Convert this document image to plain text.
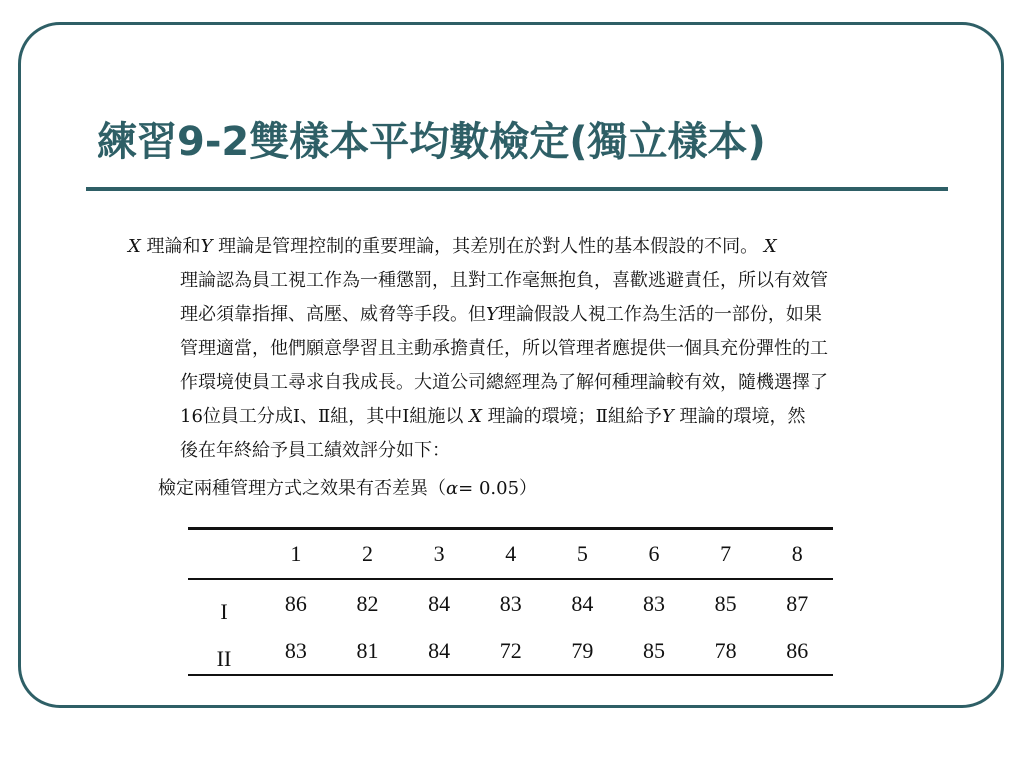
練習9-2雙樣本平均數檢定(獨立樣本)
X 理論和Y 理論是管理控制的重要理論，其差別在於對人性的基本假設的不同。 X
理論認為員工視工作為一種懲罰，且對工作毫無抱負，喜歡逃避責任，所以有效管
理必須靠指揮、高壓、威脅等手段。但Y理論假設人視工作為生活的一部份，如果
管理適當，他們願意學習且主動承擔責任，所以管理者應提供一個具充份彈性的工
作環境使員工尋求自我成長。大道公司總經理為了解何種理論較有效，隨機選擇了
16位員工分成Ⅰ、Ⅱ組，其中Ⅰ組施以 X 理論的環境；Ⅱ組給予Y 理論的環境，然
後在年終給予員工績效評分如下：
檢定兩種管理方式之效果有否差異（α= 0.05）
	1	2	3	4	5	6	7	8
I	86	82	84	83	84	83	85	87
II	83	81	84	72	79	85	78	86
